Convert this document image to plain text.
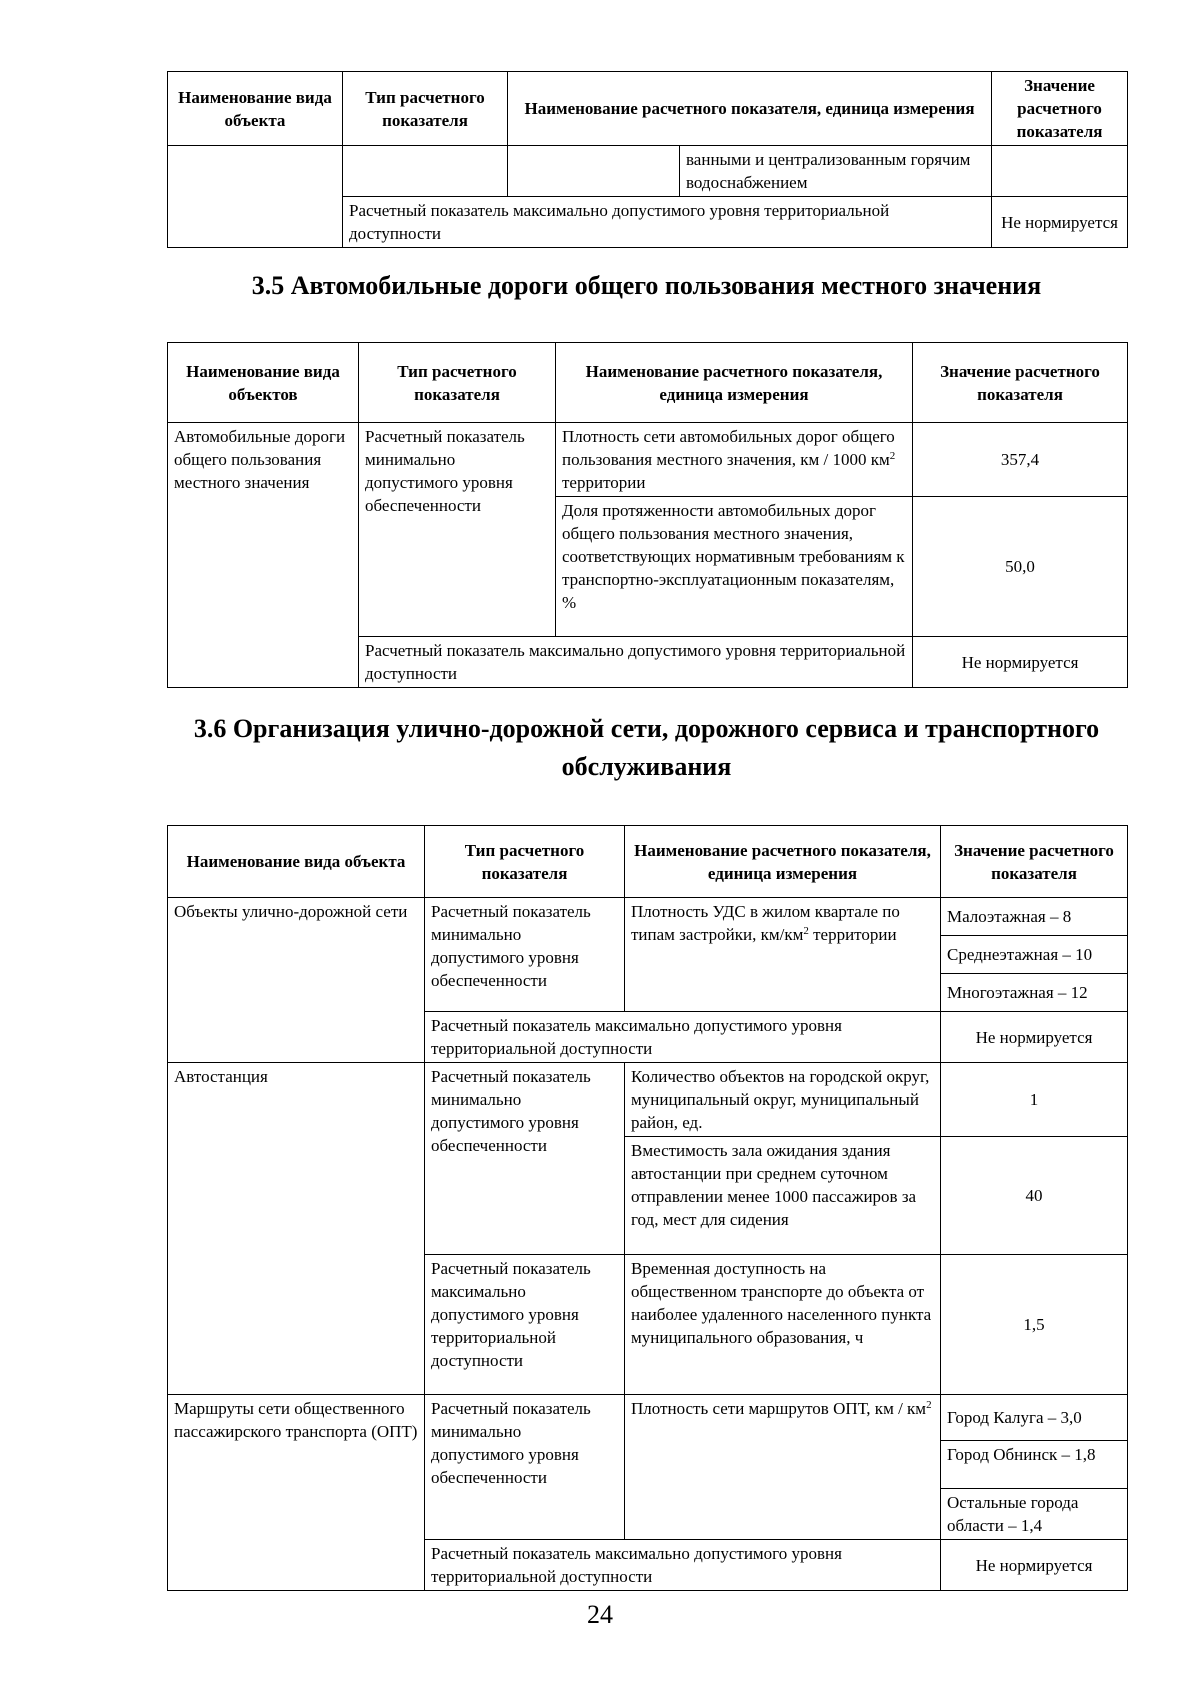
Наименование вида объекта	Тип расчетного показателя	Наименование расчетного показателя, единица измерения		Значение расчетного показателя
			ванными и централизованным горячим водоснабжением	
	Расчетный показатель максимально допустимого уровня территориальной доступности			Не нормируется
3.5 Автомобильные дороги общего пользования местного значения
Наименование вида объектов	Тип расчетного показателя	Наименование расчетного показателя, единица измерения	Значение расчетного показателя
Автомобильные дороги общего пользования местного значения	Расчетный показатель минимально допустимого уровня обеспеченности	Плотность сети автомобильных дорог общего пользования местного значения, км / 1000 $км^2$ территории	357,4
		Доля протяженности автомобильных дорог общего пользования местного значения, соответствующих нормативным требованиям к транспортно-эксплуатационным показателям, %	50,0
	Расчетный показатель максимально допустимого уровня территориальной доступности		Не нормируется
3.6 Организация улично-дорожной сети, дорожного сервиса и транспортного обслуживания
Наименование вида объекта	Тип расчетного показателя	Наименование расчетного показателя, единица измерения	Значение расчетного показателя
Объекты улично-дорожной сети	Расчетный показатель минимально допустимого уровня обеспеченности	Плотность УДС в жилом квартале по типам застройки, $км/км^2$ территории	Малоэтажная – 8
			Среднеэтажная – 10
			Многоэтажная – 12
	Расчетный показатель максимально допустимого уровня территориальной доступности		Не нормируется
Автостанция	Расчетный показатель минимально допустимого уровня обеспеченности	Количество объектов на городской округ, муниципальный округ, муниципальный район, ед.	1
		Вместимость зала ожидания здания автостанции при среднем суточном отправлении менее 1000 пассажиров за год, мест для сидения	40
	Расчетный показатель максимально допустимого уровня территориальной доступности	Временная доступность на общественном транспорте до объекта от наиболее удаленного населенного пункта муниципального образования, ч	1,5
Маршруты сети общественного пассажирского транспорта (ОПТ)	Расчетный показатель минимально допустимого уровня обеспеченности	Плотность сети маршрутов ОПТ, км / $км^2$	Город Калуга – 3,0
			Город Обнинск – 1,8
			Остальные города области – 1,4
	Расчетный показатель максимально допустимого уровня территориальной доступности		Не нормируется
24
